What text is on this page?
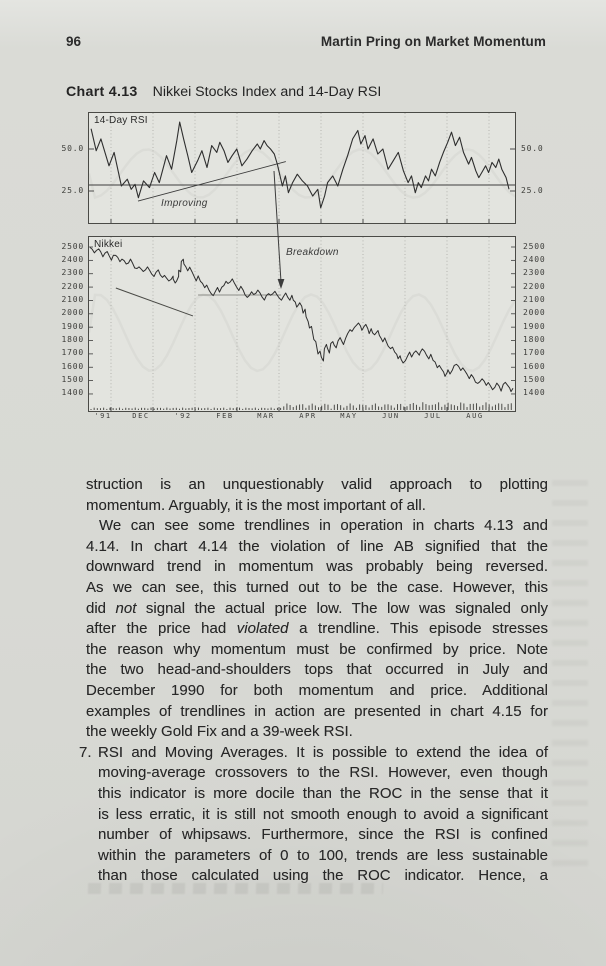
96	Martin Pring on Market Momentum
Chart 4.13 Nikkei Stocks Index and 14-Day RSI
14-Day RSI
Improving
Nikkei
Breakdown
50.0	50.0
25.0	25.0
2500	2500
2400	2400
2300	2300
2200	2200
2100	2100
2000	2000
1900	1900
1800	1800
1700	1700
1600	1600
1500	1500
1400	1400
'91	DEC	'92	FEB	MAR	APR	MAY	JUN	JUL	AUG
struction is an unquestionably valid approach to plotting
momentum. Arguably, it is the most important of all.
We can see some trendlines in operation in charts 4.13 and
4.14. In chart 4.14 the violation of line AB signified that the
downward trend in momentum was probably being reversed.
As we can see, this turned out to be the case. However, this
did not signal the actual price low. The low was signaled only
after the price had violated a trendline. This episode stresses
the reason why momentum must be confirmed by price. Note
the two head-and-shoulders tops that occurred in July and
December 1990 for both momentum and price. Additional
examples of trendlines in action are presented in chart 4.15 for
the weekly Gold Fix and a 39-week RSI.
7. RSI and Moving Averages. It is possible to extend the idea of
moving-average crossovers to the RSI. However, even though
this indicator is more docile than the ROC in the sense that it
is less erratic, it is still not smooth enough to avoid a significant
number of whipsaws. Furthermore, since the RSI is confined
within the parameters of 0 to 100, trends are less sustainable
than those calculated using the ROC indicator. Hence, a
